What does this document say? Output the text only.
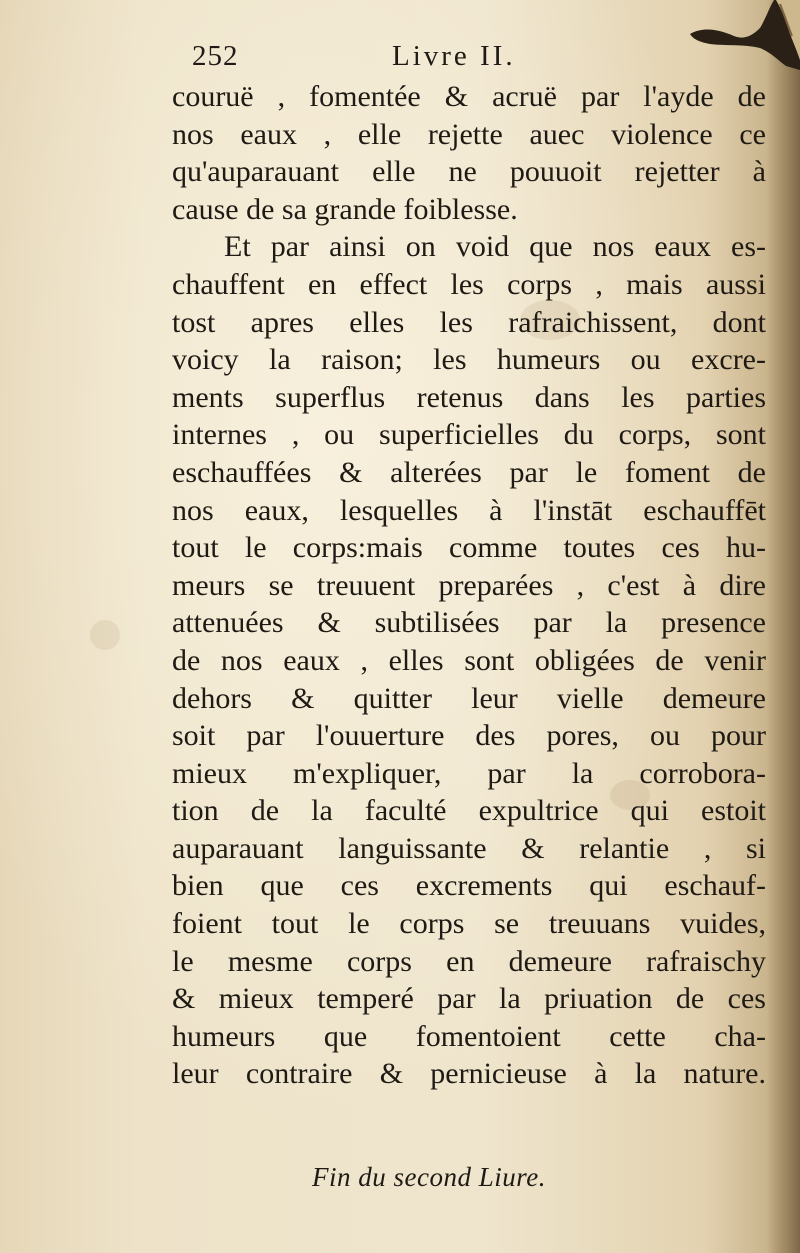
252	Livre II.
couruë , fomentée & acruë par l'ayde de
nos eaux , elle rejette auec violence ce
qu'auparauant elle ne pouuoit rejetter à
cause de sa grande foiblesse.
Et par ainsi on void que nos eaux es-
chauffent en effect les corps , mais aussi
tost apres elles les rafraichissent, dont
voicy la raison; les humeurs ou excre-
ments superflus retenus dans les parties
internes , ou superficielles du corps, sont
eschauffées & alterées par le foment de
nos eaux, lesquelles à l'instāt eschauffēt
tout le corps:mais comme toutes ces hu-
meurs se treuuent preparées , c'est à dire
attenuées & subtilisées par la presence
de nos eaux , elles sont obligées de venir
dehors & quitter leur vielle demeure
soit par l'ouuerture des pores, ou pour
mieux m'expliquer, par la corrobora-
tion de la faculté expultrice qui estoit
auparauant languissante & relantie , si
bien que ces excrements qui eschauf-
foient tout le corps se treuuans vuides,
le mesme corps en demeure rafraischy
& mieux temperé par la priuation de ces
humeurs que fomentoient cette cha-
leur contraire & pernicieuse à la nature.
Fin du second Liure.
